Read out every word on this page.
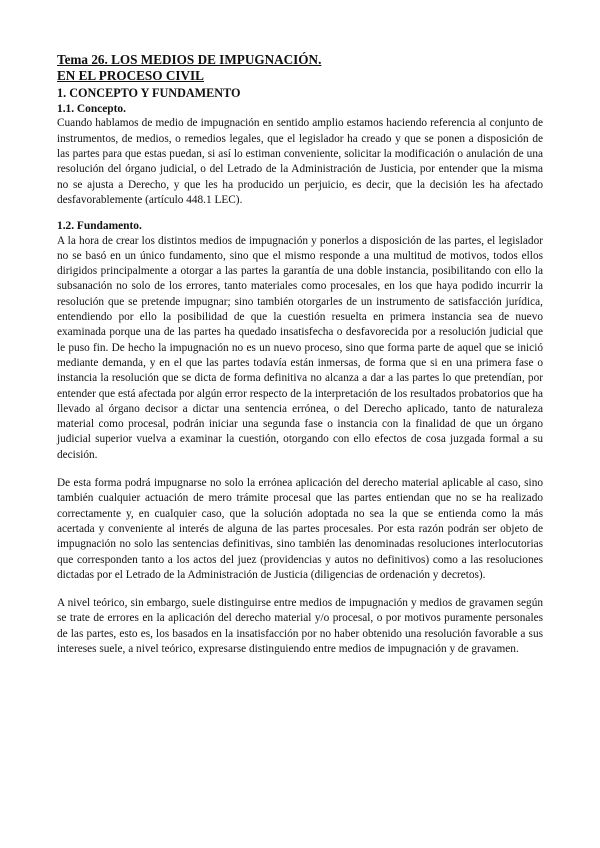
Tema 26. LOS MEDIOS DE IMPUGNACIÓN.
EN EL PROCESO CIVIL
1. CONCEPTO Y FUNDAMENTO
1.1. Concepto.

Cuando hablamos de medio de impugnación en sentido amplio estamos haciendo referencia al conjunto de instrumentos, de medios, o remedios legales, que el legislador ha creado y que se ponen a disposición de las partes para que estas puedan, si así lo estiman conveniente, solicitar la modificación o anulación de una resolución del órgano judicial, o del Letrado de la Administración de Justicia, por entender que la misma no se ajusta a Derecho, y que les ha producido un perjuicio, es decir, que la decisión les ha afectado desfavorablemente (artículo 448.1 LEC).

1.2. Fundamento.

A la hora de crear los distintos medios de impugnación y ponerlos a disposición de las partes, el legislador no se basó en un único fundamento, sino que el mismo responde a una multitud de motivos, todos ellos dirigidos principalmente a otorgar a las partes la garantía de una doble instancia, posibilitando con ello la subsanación no solo de los errores, tanto materiales como procesales, en los que haya podido incurrir la resolución que se pretende impugnar; sino también otorgarles de un instrumento de satisfacción jurídica, entendiendo por ello la posibilidad de que la cuestión resuelta en primera instancia sea de nuevo examinada porque una de las partes ha quedado insatisfecha o desfavorecida por a resolución judicial que le puso fin. De hecho la impugnación no es un nuevo proceso, sino que forma parte de aquel que se inició mediante demanda, y en el que las partes todavía están inmersas, de forma que si en una primera fase o instancia la resolución que se dicta de forma definitiva no alcanza a dar a las partes lo que pretendían, por entender que está afectada por algún error respecto de la interpretación de los resultados probatorios que ha llevado al órgano decisor a dictar una sentencia errónea, o del Derecho aplicado, tanto de naturaleza material como procesal, podrán iniciar una segunda fase o instancia con la finalidad de que un órgano judicial superior vuelva a examinar la cuestión, otorgando con ello efectos de cosa juzgada formal a su decisión.

De esta forma podrá impugnarse no solo la errónea aplicación del derecho material aplicable al caso, sino también cualquier actuación de mero trámite procesal que las partes entiendan que no se ha realizado correctamente y, en cualquier caso, que la solución adoptada no sea la que se entienda como la más acertada y conveniente al interés de alguna de las partes procesales. Por esta razón podrán ser objeto de impugnación no solo las sentencias definitivas, sino también las denominadas resoluciones interlocutorias que corresponden tanto a los actos del juez (providencias y autos no definitivos) como a las resoluciones dictadas por el Letrado de la Administración de Justicia (diligencias de ordenación y decretos).

A nivel teórico, sin embargo, suele distinguirse entre medios de impugnación y medios de gravamen según se trate de errores en la aplicación del derecho material y/o procesal, o por motivos puramente personales de las partes, esto es, los basados en la insatisfacción por no haber obtenido una resolución favorable a sus intereses suele, a nivel teórico, expresarse distinguiendo entre medios de impugnación y de gravamen.
